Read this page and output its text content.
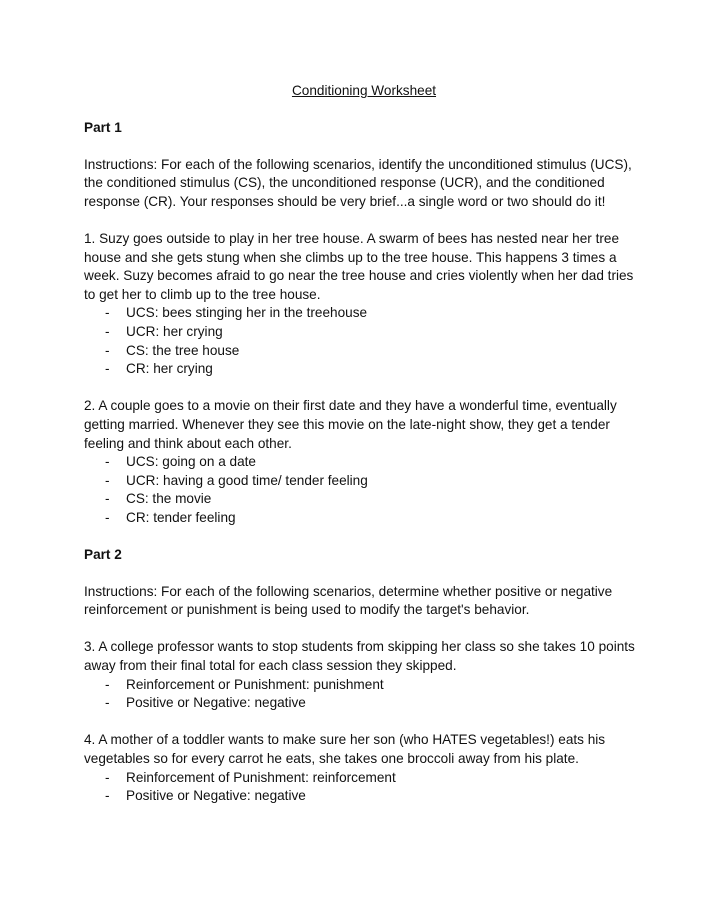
Conditioning Worksheet

Part 1

Instructions: For each of the following scenarios, identify the unconditioned stimulus (UCS), the conditioned stimulus (CS), the unconditioned response (UCR), and the conditioned response (CR). Your responses should be very brief...a single word or two should do it!

1. Suzy goes outside to play in her tree house. A swarm of bees has nested near her tree house and she gets stung when she climbs up to the tree house. This happens 3 times a week. Suzy becomes afraid to go near the tree house and cries violently when her dad tries to get her to climb up to the tree house.

- UCS: bees stinging her in the treehouse
- UCR: her crying
- CS: the tree house
- CR: her crying

2. A couple goes to a movie on their first date and they have a wonderful time, eventually getting married. Whenever they see this movie on the late-night show, they get a tender feeling and think about each other.

- UCS: going on a date
- UCR: having a good time/ tender feeling
- CS: the movie
- CR: tender feeling

Part 2

Instructions: For each of the following scenarios, determine whether positive or negative reinforcement or punishment is being used to modify the target's behavior.

3. A college professor wants to stop students from skipping her class so she takes 10 points away from their final total for each class session they skipped.

- Reinforcement or Punishment: punishment
- Positive or Negative: negative

4. A mother of a toddler wants to make sure her son (who HATES vegetables!) eats his vegetables so for every carrot he eats, she takes one broccoli away from his plate.

- Reinforcement of Punishment: reinforcement
- Positive or Negative: negative
